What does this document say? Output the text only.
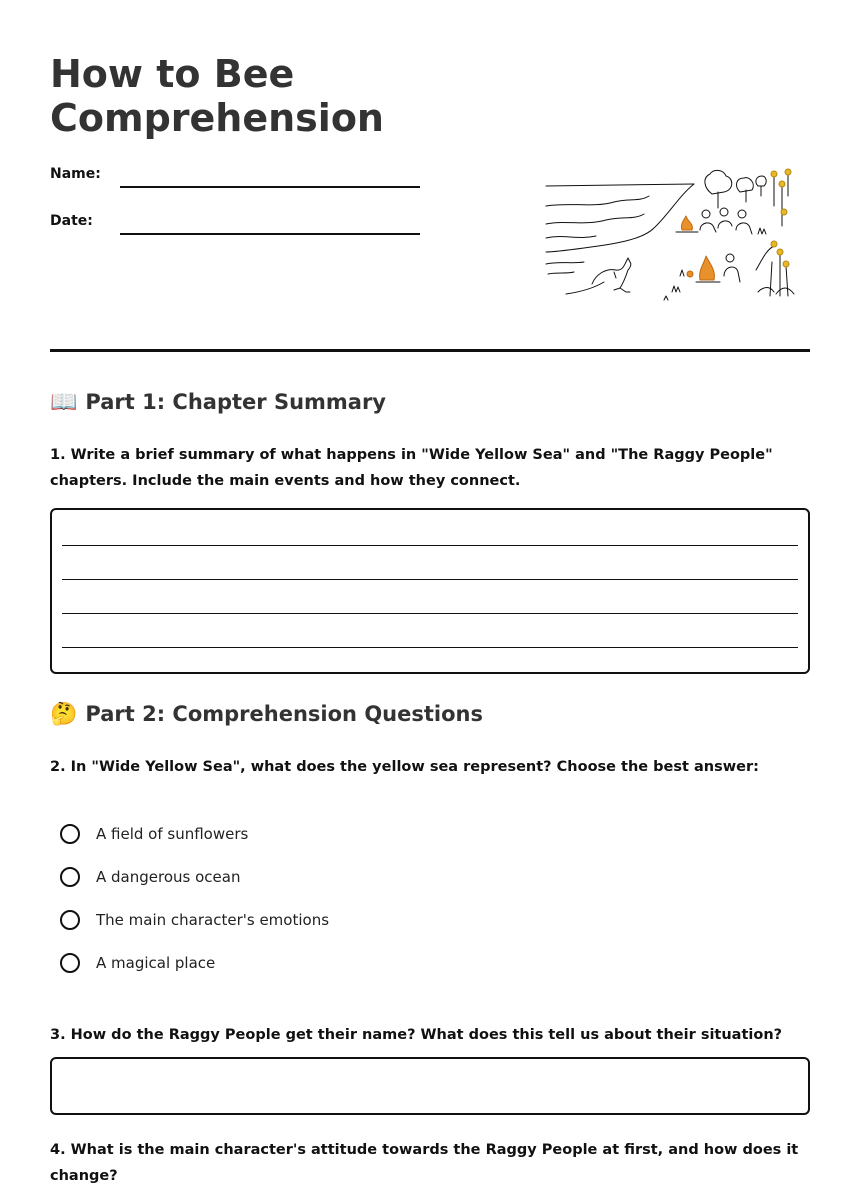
How to Bee
Comprehension
Name:
Date:
📖 Part 1: Chapter Summary

1. Write a brief summary of what happens in "Wide Yellow Sea" and "The Raggy People" chapters. Include the main events and how they connect.

🤔 Part 2: Comprehension Questions

2. In "Wide Yellow Sea", what does the yellow sea represent? Choose the best answer:

A field of sunflowers
A dangerous ocean
The main character's emotions
A magical place

3. How do the Raggy People get their name? What does this tell us about their situation?

4. What is the main character's attitude towards the Raggy People at first, and how does it change?
